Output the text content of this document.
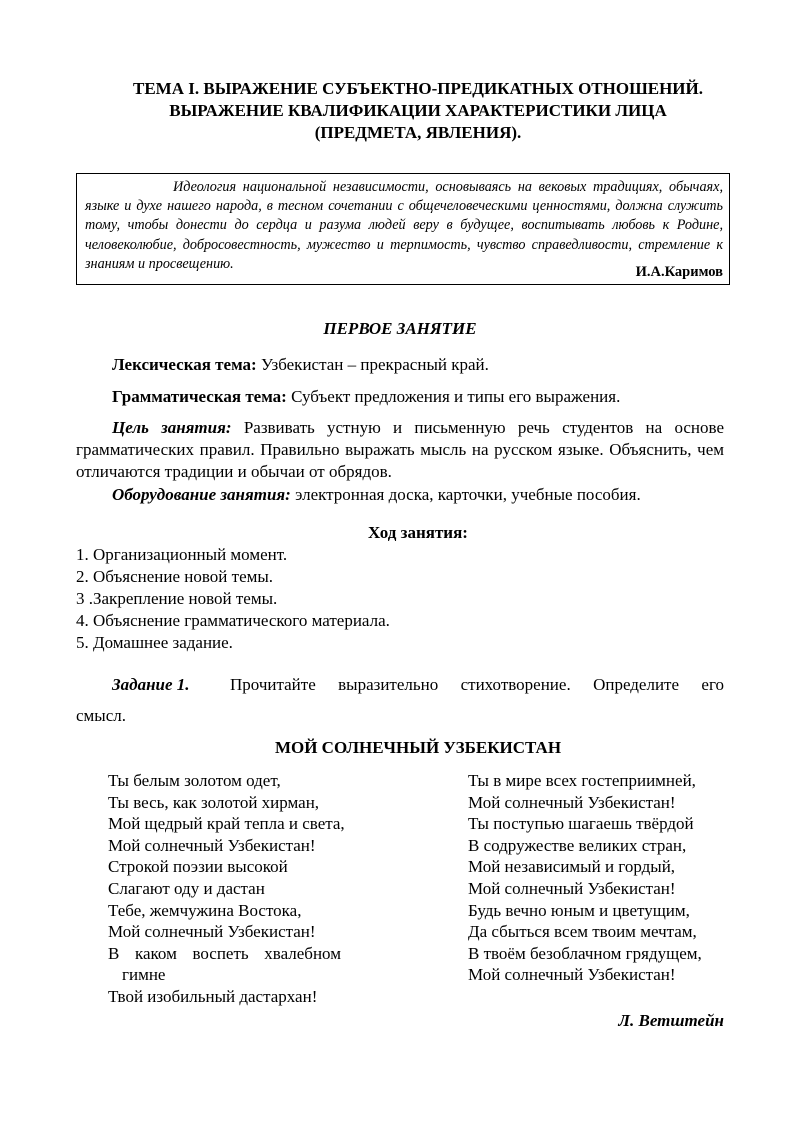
ТЕМА I. ВЫРАЖЕНИЕ СУБЪЕКТНО-ПРЕДИКАТНЫХ ОТНОШЕНИЙ.
ВЫРАЖЕНИЕ КВАЛИФИКАЦИИ ХАРАКТЕРИСТИКИ ЛИЦА
(ПРЕДМЕТА, ЯВЛЕНИЯ).
Идеология национальной независимости, основываясь на вековых традициях, обычаях, языке и духе нашего народа, в тесном сочетании с общечеловеческими ценностями, должна служить тому, чтобы донести до сердца и разума людей веру в будущее, воспитывать любовь к Родине, человеколюбие, добросовестность, мужество и терпимость, чувство справедливости, стремление к знаниям и просвещению.
И.А.Каримов
ПЕРВОЕ ЗАНЯТИЕ
Лексическая тема: Узбекистан – прекрасный край.
Грамматическая тема: Субъект предложения и типы его выражения.
Цель занятия: Развивать устную и письменную речь студентов на основе грамматических правил. Правильно выражать мысль на русском языке. Объяснить, чем отличаются традиции и обычаи от обрядов.
Оборудование занятия: электронная доска, карточки, учебные пособия.
Ход занятия:
1. Организационный момент.
2. Объяснение новой темы.
3 .Закрепление новой темы.
4. Объяснение грамматического материала.
5. Домашнее задание.
Задание 1. Прочитайте выразительно стихотворение. Определите его
смысл.
МОЙ СОЛНЕЧНЫЙ УЗБЕКИСТАН
Ты белым золотом одет,
Ты весь, как золотой хирман,
Мой щедрый край тепла и света,
Мой солнечный Узбекистан!
Строкой поэзии высокой
Слагают оду и дастан
Тебе, жемчужина Востока,
Мой солнечный Узбекистан!
В каком воспеть хвалебном
гимне
Твой изобильный дастархан!
Ты в мире всех гостеприимней,
Мой солнечный Узбекистан!
Ты поступью шагаешь твёрдой
В содружестве великих стран,
Мой независимый и гордый,
Мой солнечный Узбекистан!
Будь вечно юным и цветущим,
Да сбыться всем твоим мечтам,
В твоём безоблачном грядущем,
Мой солнечный Узбекистан!
Л. Ветштейн
